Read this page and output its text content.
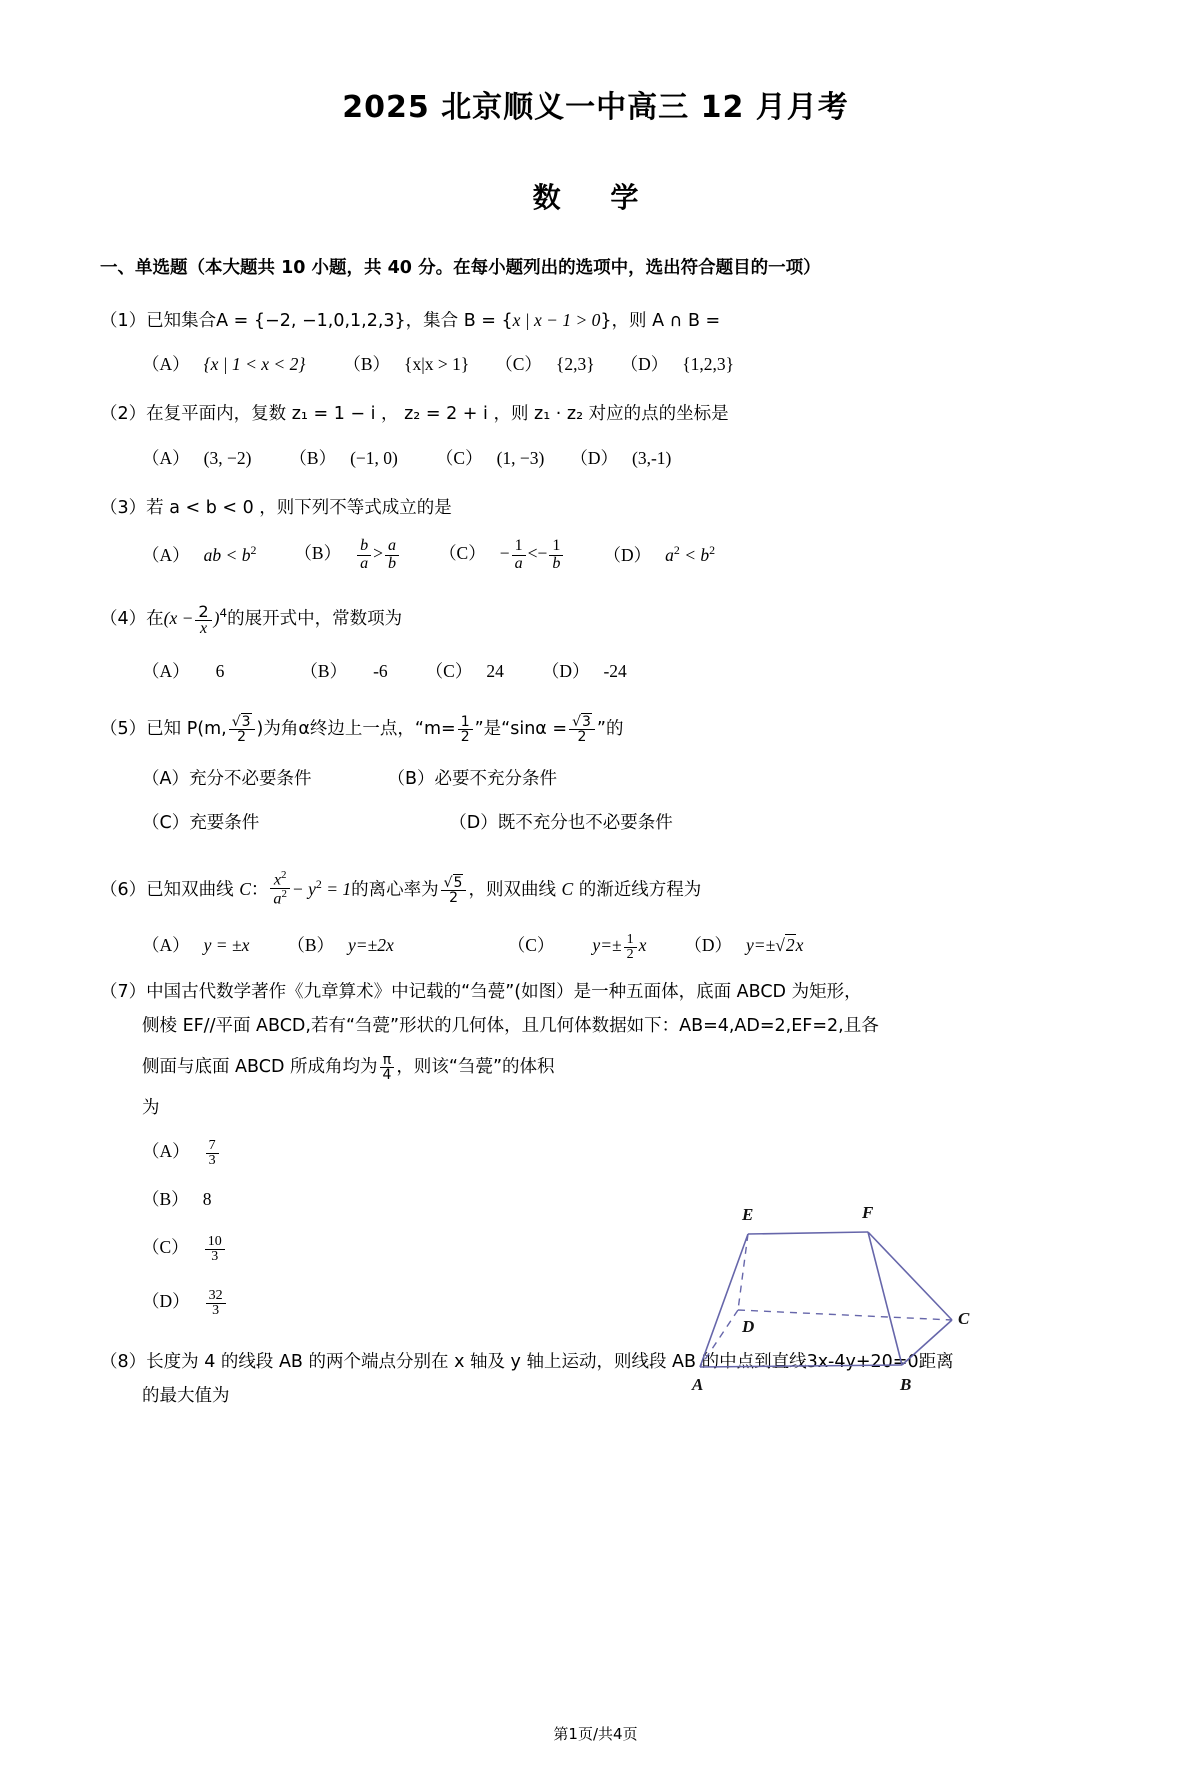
2025 北京顺义一中高三 12 月月考
数 学
一、单选题（本大题共 10 小题，共 40 分。在每小题列出的选项中，选出符合题目的一项）
（1）已知集合A = {−2, −1,0,1,2,3}，集合 B = {x | x − 1 > 0}，则 A ∩ B =
（A） {x | 1 < x < 2} （B） {x|x > 1} （C） {2,3} （D） {1,2,3}
（2）在复平面内，复数 z₁ = 1 − i ， z₂ = 2 + i ，则 z₁ · z₂ 对应的点的坐标是
（A） (3, −2) （B） (−1, 0) （C） (1, −3) （D） (3,-1)
（3）若 a < b < 0 ，则下列不等式成立的是
（A） ab < $b^2$ $(B) \frac{b}{a} > \frac{a}{b} (C) - \frac{1}{a} <- \frac{1}{b} (D) a^2 < b^2$
（4）在$(x - \frac{2}{x} )^4$的展开式中，常数项为
（A） 6	（B） -6 （C） 24 （D） -24
（5）已知 P(m, $\frac{√3}{2}$ )为角α终边上一点，“$m= \frac{1}{2}$ ”是“$\sin\alpha = \frac{√3}{2}$ ”的
（A）充分不必要条件	（B）必要不充分条件
（C）充要条件	（D）既不充分也不必要条件
（6）已知双曲线 C： $\frac{x^2}{a^2} - y^2 = 1$的离心率为 $\frac{√5}{2}$ ，则双曲线 C 的渐近线方程为
（A） y = ±x （B） y=±2x	（C） $y=\pm \frac{1}{2}$ x （D） y=±√2x
（7）中国古代数学著作《九章算术》中记载的“刍甍”(如图）是一种五面体，底面 ABCD 为矩形，
侧棱 EF//平面 ABCD,若有“刍甍”形状的几何体，且几何体数据如下：AB=4,AD=2,EF=2,且各
侧面与底面 ABCD 所成角均为 $\frac{\pi}{4}$ ，则该“刍甍”的体积
为
$(A) \frac{7}{3}$
（B） 8
$(C) \frac{10}{3}$
$(D) \frac{32}{3}$
（8）长度为 4 的线段 AB 的两个端点分别在 x 轴及 y 轴上运动，则线段 AB 的中点到直线3x-4y+20=0距离
的最大值为
E	F
D	C
A	B
第1页/共4页
